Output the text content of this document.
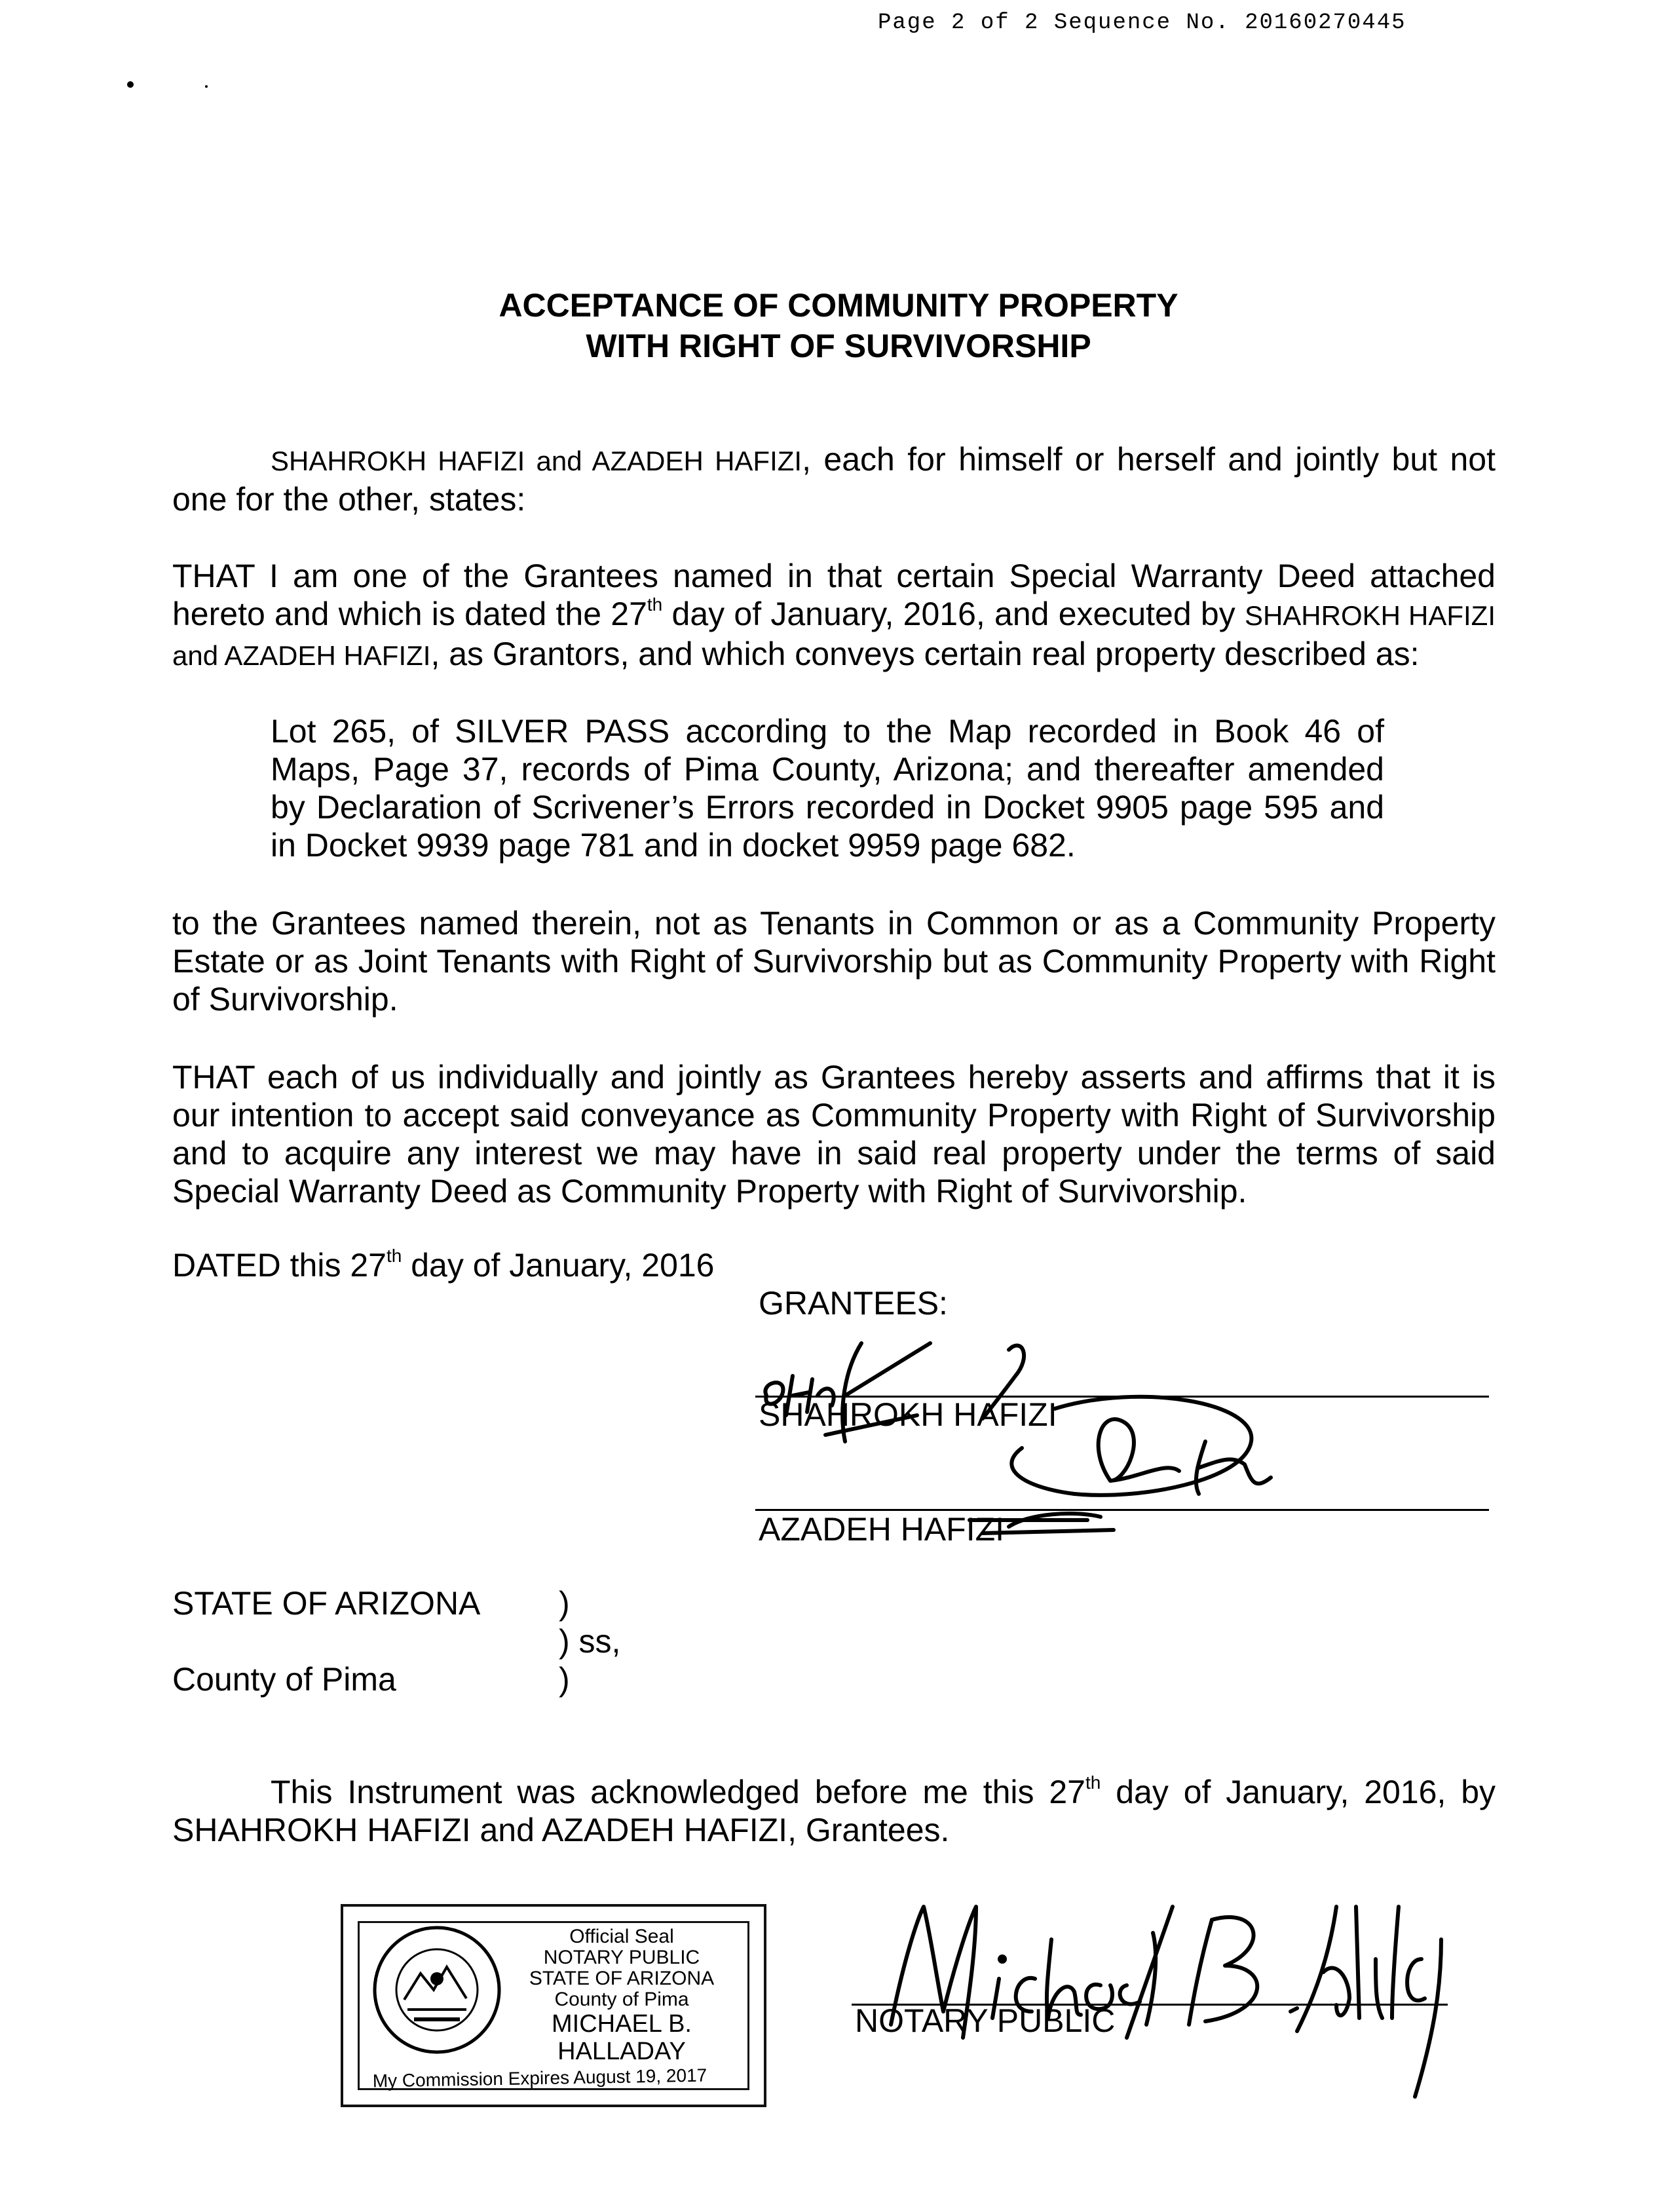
Page 2 of 2 Sequence No. 20160270445
ACCEPTANCE OF COMMUNITY PROPERTY
WITH RIGHT OF SURVIVORSHIP
SHAHROKH HAFIZI and AZADEH HAFIZI, each for himself or herself and jointly but not one for the other, states:
THAT I am one of the Grantees named in that certain Special Warranty Deed attached hereto and which is dated the 27th day of January, 2016, and executed by SHAHROKH HAFIZI and AZADEH HAFIZI, as Grantors, and which conveys certain real property described as:
Lot 265, of SILVER PASS according to the Map recorded in Book 46 of Maps, Page 37, records of Pima County, Arizona; and thereafter amended by Declaration of Scrivener’s Errors recorded in Docket 9905 page 595 and in Docket 9939 page 781 and in docket 9959 page 682.
to the Grantees named therein, not as Tenants in Common or as a Community Property Estate or as Joint Tenants with Right of Survivorship but as Community Property with Right of Survivorship.
THAT each of us individually and jointly as Grantees hereby asserts and affirms that it is our intention to accept said conveyance as Community Property with Right of Survivorship and to acquire any interest we may have in said real property under the terms of said Special Warranty Deed as Community Property with Right of Survivorship.
DATED this 27th day of January, 2016
GRANTEES:
SHAHROKH HAFIZI
AZADEH HAFIZI
STATE OF ARIZONA )
) ss,
County of Pima	)
This Instrument was acknowledged before me this 27th day of January, 2016, by SHAHROKH HAFIZI and AZADEH HAFIZI, Grantees.
Official Seal
NOTARY PUBLIC
STATE OF ARIZONA
County of Pima
MICHAEL B. HALLADAY
My Commission Expires August 19, 2017
NOTARY PUBLIC
